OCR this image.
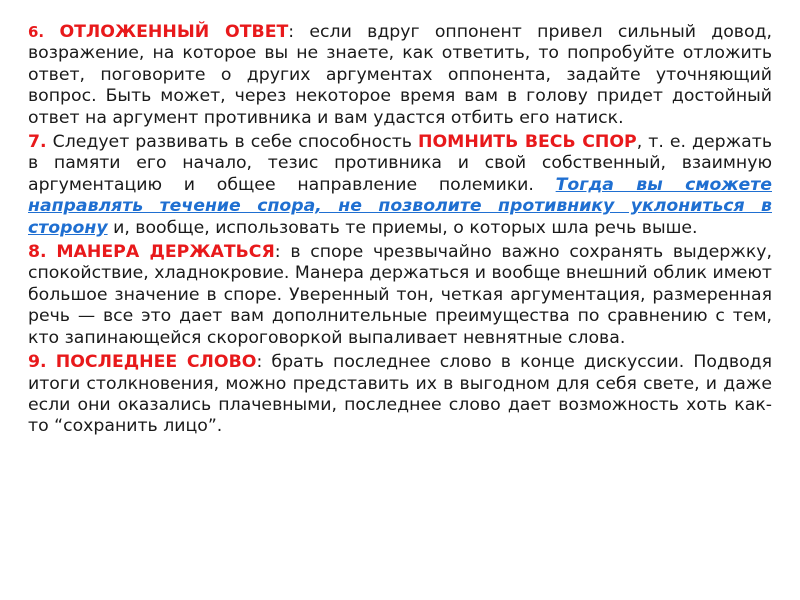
6. ОТЛОЖЕННЫЙ ОТВЕТ: если вдруг оппонент привел сильный довод, возражение, на которое вы не знаете, как ответить, то попробуйте отложить ответ, поговорите о других аргументах оппонента, задайте уточняющий вопрос. Быть может, через некоторое время вам в голову придет достойный ответ на аргумент противника и вам удастся отбить его натиск.

7. Следует развивать в себе способность ПОМНИТЬ ВЕСЬ СПОР, т. е. держать в памяти его начало, тезис противника и свой собственный, взаимную аргументацию и общее направление полемики. Тогда вы сможете направлять течение спора, не позволите противнику уклониться в сторону и, вообще, использовать те приемы, о которых шла речь выше.

8. МАНЕРА ДЕРЖАТЬСЯ: в споре чрезвычайно важно сохранять выдержку, спокойствие, хладнокровие. Манера держаться и вообще внешний облик имеют большое значение в споре. Уверенный тон, четкая аргументация, размеренная речь — все это дает вам дополнительные преимущества по сравнению с тем, кто запинающейся скороговоркой выпаливает невнятные слова.

9. ПОСЛЕДНЕЕ СЛОВО: брать последнее слово в конце дискуссии. Подводя итоги столкновения, можно представить их в выгодном для себя свете, и даже если они оказались плачевными, последнее слово дает возможность хоть как-то “сохранить лицо”.
